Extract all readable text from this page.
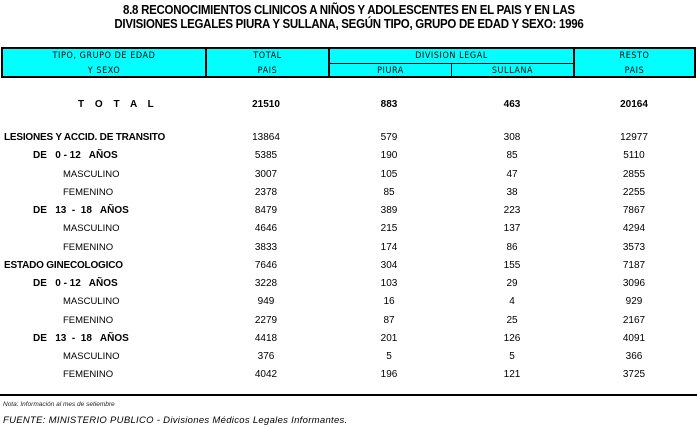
8.8 RECONOCIMIENTOS CLINICOS A NIÑOS Y ADOLESCENTES EN EL PAIS Y EN LAS
DIVISIONES LEGALES PIURA Y SULLANA, SEGÚN TIPO, GRUPO DE EDAD Y SEXO: 1996
TIPO, GRUPO DE EDAD
Y SEXO
TOTAL
PAIS
DIVISION LEGAL
PIURA	SULLANA
RESTO
PAIS
T O T A L	21510	883	463	20164
LESIONES Y ACCID. DE TRANSITO	13864	579	308	12977
DE   0 - 12   AÑOS	5385	190	85	5110
MASCULINO	3007	105	47	2855
FEMENINO	2378	85	38	2255
DE   13  -  18   AÑOS	8479	389	223	7867
MASCULINO	4646	215	137	4294
FEMENINO	3833	174	86	3573
ESTADO GINECOLOGICO	7646	304	155	7187
DE   0 - 12   AÑOS	3228	103	29	3096
MASCULINO	949	16	4	929
FEMENINO	2279	87	25	2167
DE   13  -  18   AÑOS	4418	201	126	4091
MASCULINO	376	5	5	366
FEMENINO	4042	196	121	3725
Nota: Información al mes de setiembre
FUENTE: MINISTERIO PUBLICO - Divisiones Médicos Legales Informantes.
